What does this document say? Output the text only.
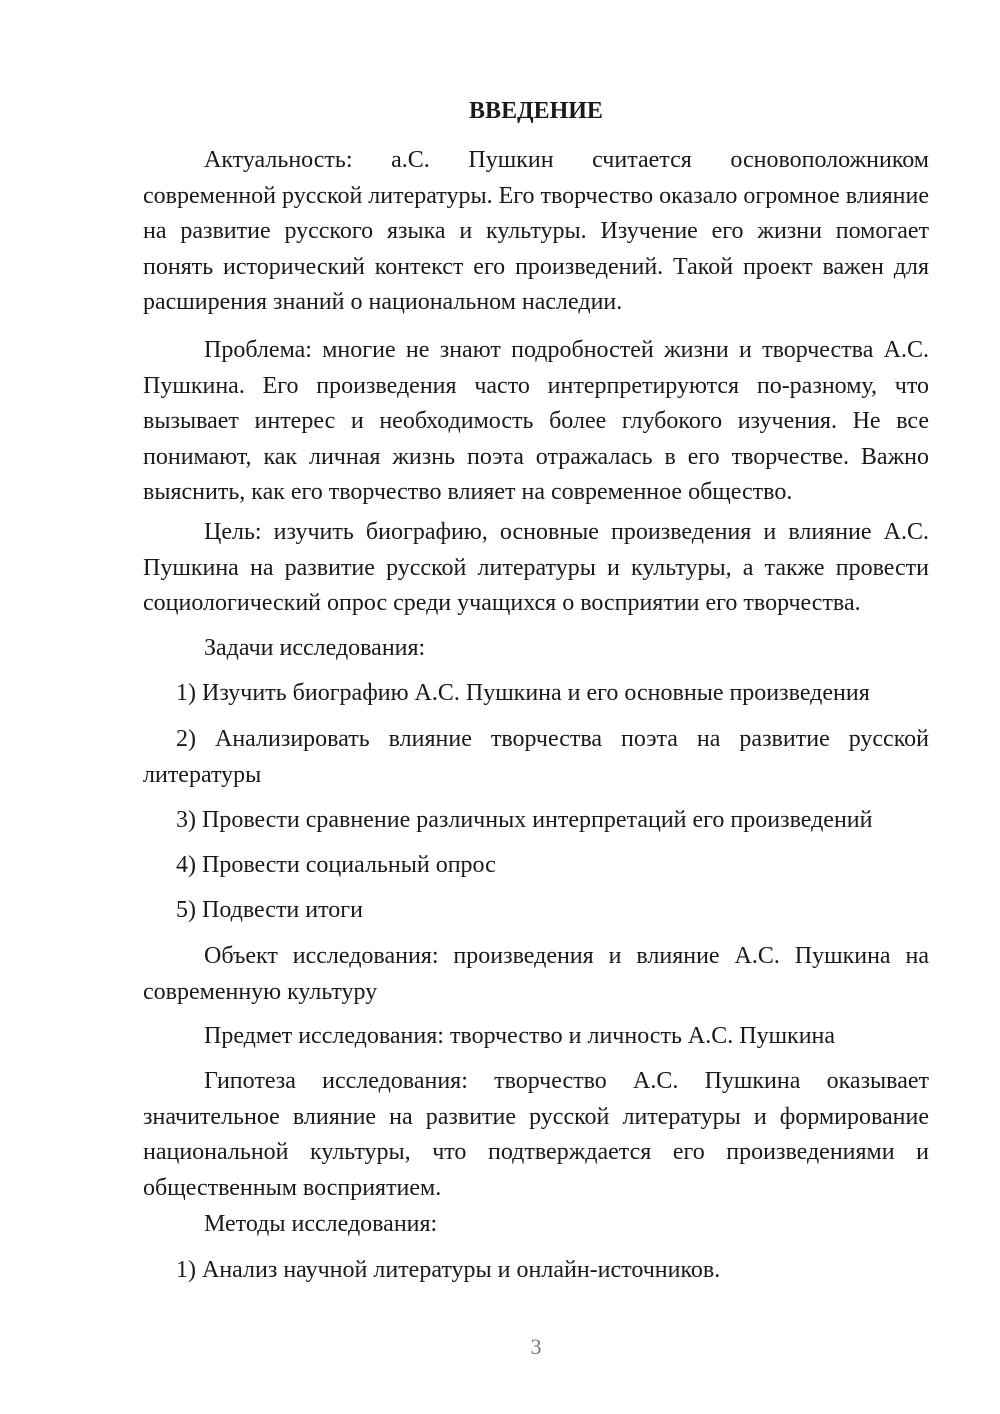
ВВЕДЕНИЕ

Актуальность: а.С. Пушкин считается основоположником современной русской литературы. Его творчество оказало огромное влияние на развитие русского языка и культуры. Изучение его жизни помогает понять исторический контекст его произведений. Такой проект важен для расширения знаний о национальном наследии.

Проблема: многие не знают подробностей жизни и творчества А.С. Пушкина. Его произведения часто интерпретируются по-разному, что вызывает интерес и необходимость более глубокого изучения. Не все понимают, как личная жизнь поэта отражалась в его творчестве. Важно выяснить, как его творчество влияет на современное общество.

Цель: изучить биографию, основные произведения и влияние А.С. Пушкина на развитие русской литературы и культуры, а также провести социологический опрос среди учащихся о восприятии его творчества.

Задачи исследования:

1) Изучить биографию А.С. Пушкина и его основные произведения

2) Анализировать влияние творчества поэта на развитие русской литературы

3) Провести сравнение различных интерпретаций его произведений

4) Провести социальный опрос

5) Подвести итоги

Объект исследования: произведения и влияние А.С. Пушкина на современную культуру

Предмет исследования: творчество и личность А.С. Пушкина

Гипотеза исследования: творчество А.С. Пушкина оказывает значительное влияние на развитие русской литературы и формирование национальной культуры, что подтверждается его произведениями и общественным восприятием.

Методы исследования:

1) Анализ научной литературы и онлайн-источников.

3
